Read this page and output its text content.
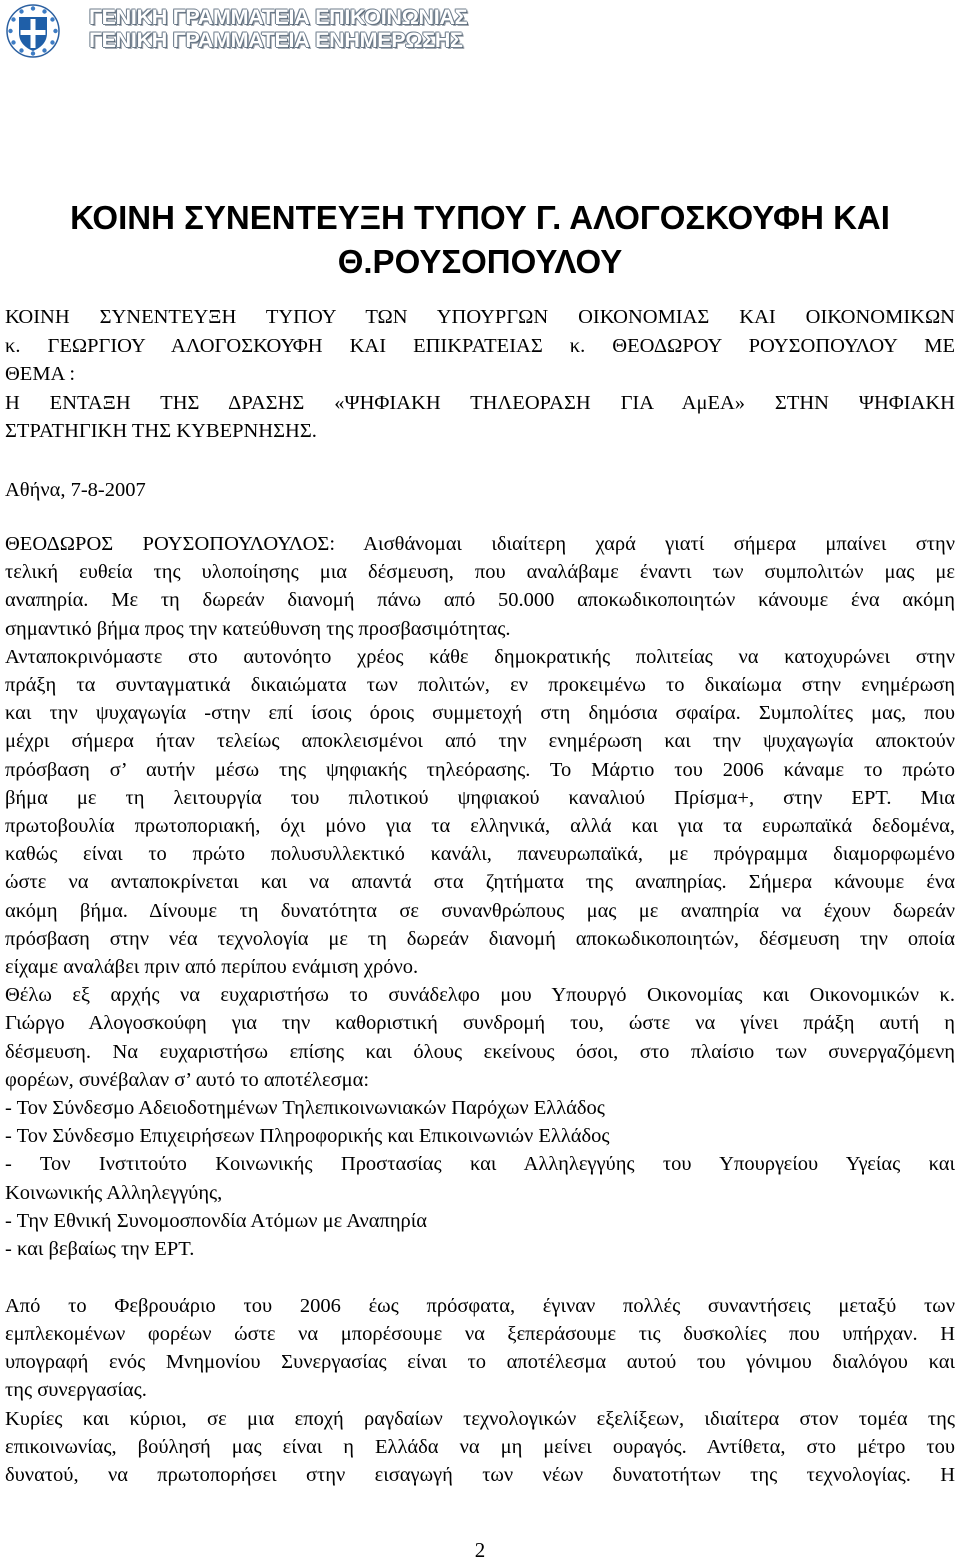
ΓΕΝΙΚΗ ΓΡΑΜΜΑΤΕΙΑ ΕΠΙΚΟΙΝΩΝΙΑΣ
ΓΕΝΙΚΗ ΓΡΑΜΜΑΤΕΙΑ ΕΝΗΜΕΡΩΣΗΣ
ΚΟΙΝΗ ΣΥΝΕΝΤΕΥΞΗ ΤΥΠΟΥ Γ. ΑΛΟΓΟΣΚΟΥΦΗ ΚΑΙ
Θ.ΡΟΥΣΟΠΟΥΛΟΥ
ΚΟΙΝΗ ΣΥΝΕΝΤΕΥΞΗ ΤΥΠΟΥ ΤΩΝ ΥΠΟΥΡΓΩΝ ΟΙΚΟΝΟΜΙΑΣ ΚΑΙ ΟΙΚΟΝΟΜΙΚΩΝ
κ. ΓΕΩΡΓΙΟΥ ΑΛΟΓΟΣΚΟΥΦΗ ΚΑΙ ΕΠΙΚΡΑΤΕΙΑΣ κ. ΘΕΟΔΩΡΟΥ ΡΟΥΣΟΠΟΥΛΟΥ ΜΕ
ΘΕΜΑ :
Η ΕΝΤΑΞΗ ΤΗΣ ΔΡΑΣΗΣ «ΨΗΦΙΑΚΗ ΤΗΛΕΟΡΑΣΗ ΓΙΑ ΑμΕΑ» ΣΤΗΝ ΨΗΦΙΑΚΗ
ΣΤΡΑΤΗΓΙΚΗ ΤΗΣ ΚΥΒΕΡΝΗΣΗΣ.
Αθήνα, 7-8-2007
ΘΕΟΔΩΡΟΣ ΡΟΥΣΟΠΟΥΛΟΥΛΟΣ: Αισθάνομαι ιδιαίτερη χαρά γιατί σήμερα μπαίνει στην
τελική ευθεία της υλοποίησης μια δέσμευση, που αναλάβαμε έναντι των συμπολιτών μας με
αναπηρία. Με τη δωρεάν διανομή πάνω από 50.000 αποκωδικοποιητών κάνουμε ένα ακόμη
σημαντικό βήμα προς την κατεύθυνση της προσβασιμότητας.
Ανταποκρινόμαστε στο αυτονόητο χρέος κάθε δημοκρατικής πολιτείας να κατοχυρώνει στην
πράξη τα συνταγματικά δικαιώματα των πολιτών, εν προκειμένω το δικαίωμα στην ενημέρωση
και την ψυχαγωγία -στην επί ίσοις όροις συμμετοχή στη δημόσια σφαίρα. Συμπολίτες μας, που
μέχρι σήμερα ήταν τελείως αποκλεισμένοι από την ενημέρωση και την ψυχαγωγία αποκτούν
πρόσβαση σ’ αυτήν μέσω της ψηφιακής τηλεόρασης. Το Μάρτιο του 2006 κάναμε το πρώτο
βήμα με τη λειτουργία του πιλοτικού ψηφιακού καναλιού Πρίσμα+, στην ΕΡΤ. Μια
πρωτοβουλία πρωτοποριακή, όχι μόνο για τα ελληνικά, αλλά και για τα ευρωπαϊκά δεδομένα,
καθώς είναι το πρώτο πολυσυλλεκτικό κανάλι, πανευρωπαϊκά, με πρόγραμμα διαμορφωμένο
ώστε να ανταποκρίνεται και να απαντά στα ζητήματα της αναπηρίας. Σήμερα κάνουμε ένα
ακόμη βήμα. Δίνουμε τη δυνατότητα σε συνανθρώπους μας με αναπηρία να έχουν δωρεάν
πρόσβαση στην νέα τεχνολογία με τη δωρεάν διανομή αποκωδικοποιητών, δέσμευση την οποία
είχαμε αναλάβει πριν από περίπου ενάμιση χρόνο.
Θέλω εξ αρχής να ευχαριστήσω το συνάδελφο μου Υπουργό Οικονομίας και Οικονομικών κ.
Γιώργο Αλογοσκούφη για την καθοριστική συνδρομή του, ώστε να γίνει πράξη αυτή η
δέσμευση. Να ευχαριστήσω επίσης και όλους εκείνους όσοι, στο πλαίσιο των συνεργαζόμενη
φορέων, συνέβαλαν σ’ αυτό το αποτέλεσμα:
- Τον Σύνδεσμο Αδειοδοτημένων Τηλεπικοινωνιακών Παρόχων Ελλάδος
- Τον Σύνδεσμο Επιχειρήσεων Πληροφορικής και Επικοινωνιών Ελλάδος
- Τον Ινστιτούτο Κοινωνικής Προστασίας και Αλληλεγγύης του Υπουργείου Υγείας και
Κοινωνικής Αλληλεγγύης,
- Την Εθνική Συνομοσπονδία Ατόμων με Αναπηρία
- και βεβαίως την ΕΡΤ.
Από το Φεβρουάριο του 2006 έως πρόσφατα, έγιναν πολλές συναντήσεις μεταξύ των
εμπλεκομένων φορέων ώστε να μπορέσουμε να ξεπεράσουμε τις δυσκολίες που υπήρχαν. Η
υπογραφή ενός Μνημονίου Συνεργασίας είναι το αποτέλεσμα αυτού του γόνιμου διαλόγου και
της συνεργασίας.
Κυρίες και κύριοι, σε μια εποχή ραγδαίων τεχνολογικών εξελίξεων, ιδιαίτερα στον τομέα της
επικοινωνίας, βούλησή μας είναι η Ελλάδα να μη μείνει ουραγός. Αντίθετα, στο μέτρο του
δυνατού, να πρωτοπορήσει στην εισαγωγή των νέων δυνατοτήτων της τεχνολογίας. Η
2
